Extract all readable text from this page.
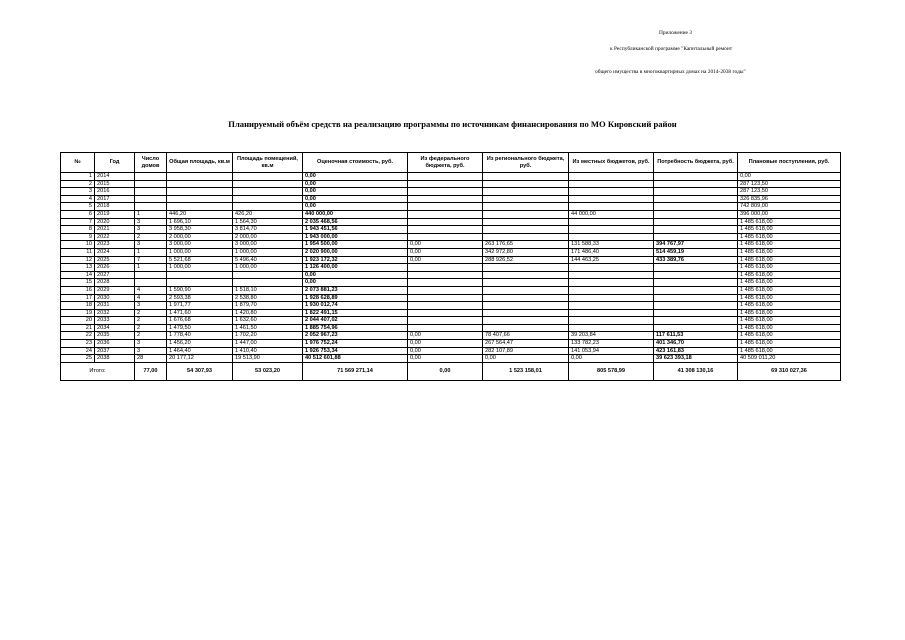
Приложение 3
к Республиканской программе "Капитальный ремонт
общего имущества в многоквартирных домах на 2014-2038 годы"
Планируемый объём средств на реализацию программы по источникам финансирования по МО Кировский район
№	Год	Число домов	Общая площадь, кв.м	Площадь помещений, кв.м	Оценочная стоимость, руб.	Из федерального бюджета, руб.	Из регионального бюджета, руб.	Из местных бюджетов, руб.	Потребность бюджета, руб.	Плановые поступления, руб.
1	2014				0,00					0,00
2	2015				0,00					287 123,50
3	2016				0,00					287 123,50
4	2017				0,00					326 835,96
5	2018				0,00					742 809,00
6	2019	1	446,20	426,20	440 000,00			44 000,00		396 000,00
7	2020	3	1 696,10	1 564,30	2 035 468,56					1 485 618,00
8	2021	3	3 958,30	3 814,70	1 943 451,56					1 485 618,00
9	2022	2	2 000,00	2 000,00	1 943 000,00					1 485 618,00
10	2023	3	3 000,00	3 000,00	1 954 500,00	0,00	263 176,65	131 588,33	394 767,97	1 485 618,00
11	2024	1	1 000,00	1 000,00	2 020 900,00	0,00	342 972,80	171 486,40	514 459,19	1 485 618,00
12	2025	7	5 521,68	5 496,40	1 923 172,32	0,00	288 926,52	144 463,25	433 389,76	1 485 618,00
13	2026	1	1 000,00	1 000,00	1 126 400,00					1 485 618,00
14	2027				0,00					1 485 618,00
15	2028				0,00					1 485 618,00
16	2029	4	1 590,90	1 518,10	2 073 881,23					1 485 618,00
17	2030	4	2 593,38	2 538,80	1 928 628,89					1 485 618,00
18	2031	3	1 971,77	1 879,70	1 930 012,74					1 485 618,00
19	2032	2	1 471,60	1 420,80	1 822 491,15					1 485 618,00
20	2033	2	1 676,68	1 632,60	2 044 407,02					1 485 618,00
21	2034	2	1 479,50	1 461,50	1 885 754,96					1 485 618,00
22	2035	2	1 778,40	1 702,20	2 052 967,23	0,00	78 407,66	39 203,84	117 611,53	1 485 618,00
23	2036	3	1 456,20	1 447,00	1 976 752,24	0,00	267 564,47	133 782,23	401 346,70	1 485 618,00
24	2037	3	1 464,40	1 410,40	1 926 753,34	0,00	282 107,89	141 053,94	423 161,83	1 485 618,00
25	2038	28	20 177,12	19 513,90	40 512 601,88	0,00	0,00	0,00	39 623 393,18	40 509 011,20
Итого:		77,00	54 307,93	53 023,20	71 569 271,14	0,00	1 523 158,01	805 578,99	41 308 130,16	69 310 027,36
